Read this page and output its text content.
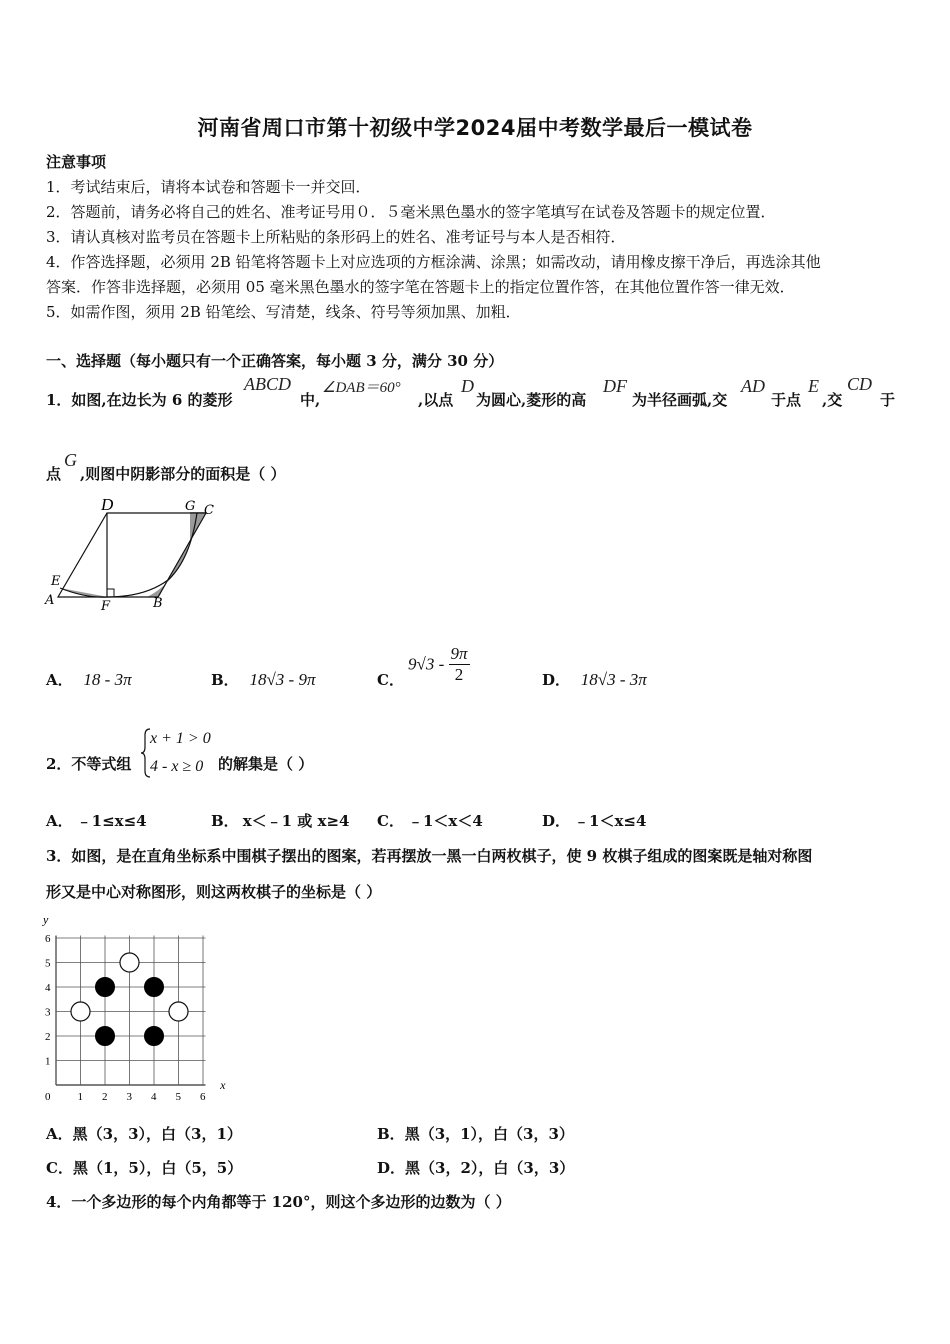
河南省周口市第十初级中学2024届中考数学最后一模试卷
注意事项
1．考试结束后，请将本试卷和答题卡一并交回．
2．答题前，请务必将自己的姓名、准考证号用０．５毫米黑色墨水的签字笔填写在试卷及答题卡的规定位置．
3．请认真核对监考员在答题卡上所粘贴的条形码上的姓名、准考证号与本人是否相符．
4．作答选择题，必须用 2B 铅笔将答题卡上对应选项的方框涂满、涂黑；如需改动，请用橡皮擦干净后，再选涂其他
答案．作答非选择题，必须用 05 毫米黑色墨水的签字笔在答题卡上的指定位置作答，在其他位置作答一律无效．
5．如需作图，须用 2B 铅笔绘、写清楚，线条、符号等须加黑、加粗．
一、选择题（每小题只有一个正确答案，每小题 3 分，满分 30 分）
1．如图,在边长为 6 的菱形
ABCD
中,
∠DAB＝60°
,以点
D
为圆心,菱形的高
DF
为半径画弧,交
AD
于点
E
,交
CD
于
点
G
,则图中阴影部分的面积是（ ）
D	G C
E
A	F	B
A． 18 - 3π	B． 18√3 - 9π	C．
$9√3 - \frac{9\pi}{2}$	D． 18√3 - 3π
2．不等式组
x + 1 > 0
4 - x ≥ 0 的解集是（ ）
A． ﹣1≤x≤4	B． x＜﹣1 或 x≥4 C． ﹣1＜x＜4	D． ﹣1＜x≤4
3．如图，是在直角坐标系中围棋子摆出的图案，若再摆放一黑一白两枚棋子，使 9 枚棋子组成的图案既是轴对称图
形又是中心对称图形，则这两枚棋子的坐标是（ ）
x
y
0 1 2 3 4 5 6
1
2
3
4
5
6
A．黑（3，3），白（3，1）	B．黑（3，1），白（3，3）
C．黑（1，5），白（5，5）	D．黑（3，2），白（3，3）
4．一个多边形的每个内角都等于 120°，则这个多边形的边数为（ ）
